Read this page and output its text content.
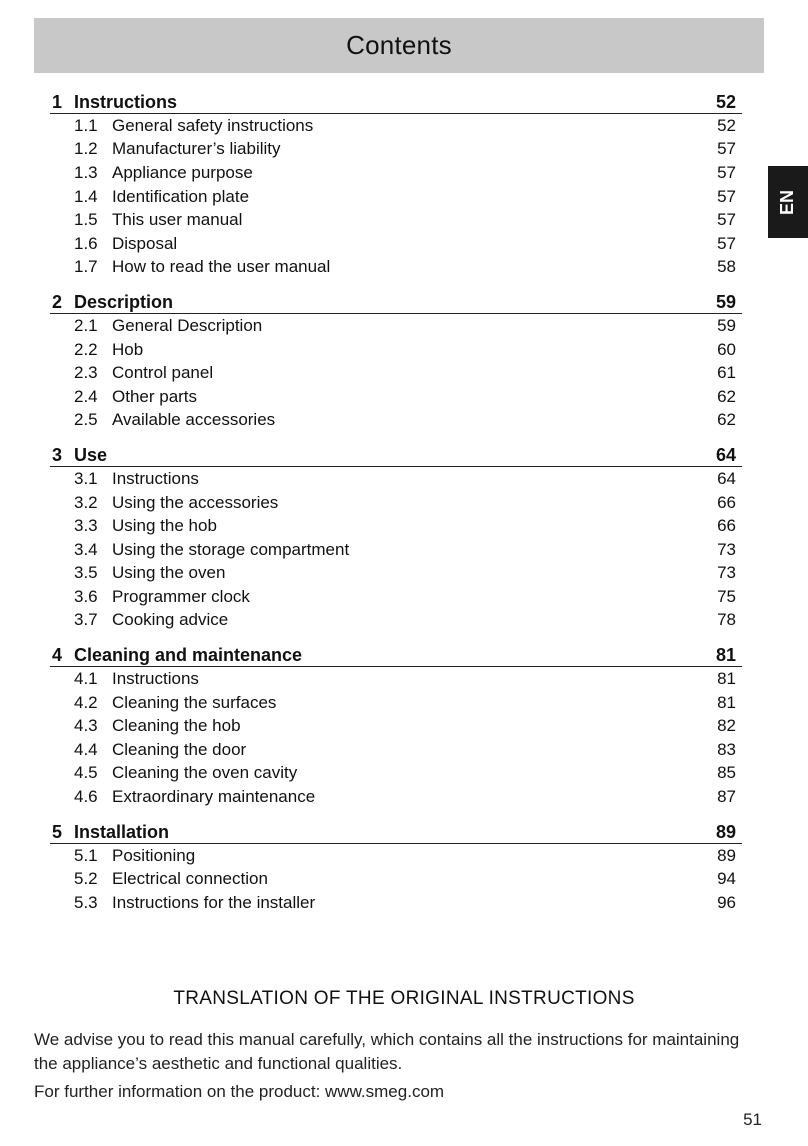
Contents
EN
1 Instructions	52
1.1 General safety instructions	52
1.2 Manufacturer’s liability	57
1.3 Appliance purpose	57
1.4 Identification plate	57
1.5 This user manual	57
1.6 Disposal	57
1.7 How to read the user manual	58
2 Description	59
2.1 General Description	59
2.2 Hob	60
2.3 Control panel	61
2.4 Other parts	62
2.5 Available accessories	62
3 Use	64
3.1 Instructions	64
3.2 Using the accessories	66
3.3 Using the hob	66
3.4 Using the storage compartment	73
3.5 Using the oven	73
3.6 Programmer clock	75
3.7 Cooking advice	78
4 Cleaning and maintenance	81
4.1 Instructions	81
4.2 Cleaning the surfaces	81
4.3 Cleaning the hob	82
4.4 Cleaning the door	83
4.5 Cleaning the oven cavity	85
4.6 Extraordinary maintenance	87
5 Installation	89
5.1 Positioning	89
5.2 Electrical connection	94
5.3 Instructions for the installer	96
TRANSLATION OF THE ORIGINAL INSTRUCTIONS

We advise you to read this manual carefully, which contains all the instructions for maintaining the appliance’s aesthetic and functional qualities.

For further information on the product: www.smeg.com

51
